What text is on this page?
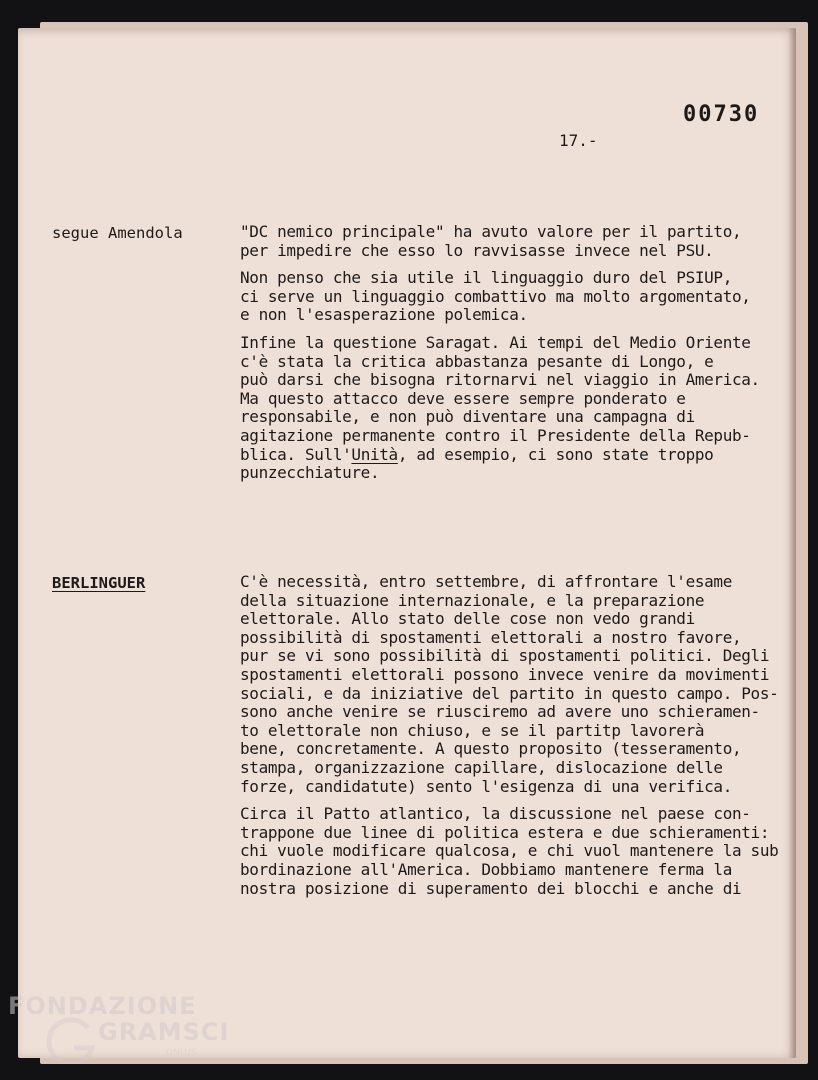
00730
17.-
segue Amendola	"DC nemico principale" ha avuto valore per il partito,
per impedire che esso lo ravvisasse invece nel PSU.
Non penso che sia utile il linguaggio duro del PSIUP,
ci serve un linguaggio combattivo ma molto argomentato,
e non l'esasperazione polemica.
Infine la questione Saragat. Ai tempi del Medio Oriente
c'è stata la critica abbastanza pesante di Longo, e
può darsi che bisogna ritornarvi nel viaggio in America.
Ma questo attacco deve essere sempre ponderato e
responsabile, e non può diventare una campagna di
agitazione permanente contro il Presidente della Repub-
blica. Sull'Unità, ad esempio, ci sono state troppo
punzecchiature.
BERLINGUER	C'è necessità, entro settembre, di affrontare l'esame
della situazione internazionale, e la preparazione
elettorale. Allo stato delle cose non vedo grandi
possibilità di spostamenti elettorali a nostro favore,
pur se vi sono possibilità di spostamenti politici. Degli
spostamenti elettorali possono invece venire da movimenti
sociali, e da iniziative del partito in questo campo. Pos-
sono anche venire se riusciremo ad avere uno schieramen-
to elettorale non chiuso, e se il partitp lavorerà
bene, concretamente. A questo proposito (tesseramento,
stampa, organizzazione capillare, dislocazione delle
forze, candidatute) sento l'esigenza di una verifica.
Circa il Patto atlantico, la discussione nel paese con-
trappone due linee di politica estera e due schieramenti:
chi vuole modificare qualcosa, e chi vuol mantenere la sub
bordinazione all'America. Dobbiamo mantenere ferma la
nostra posizione di superamento dei blocchi e anche di
FONDAZIONE
GRAMSCI
ONLUS
